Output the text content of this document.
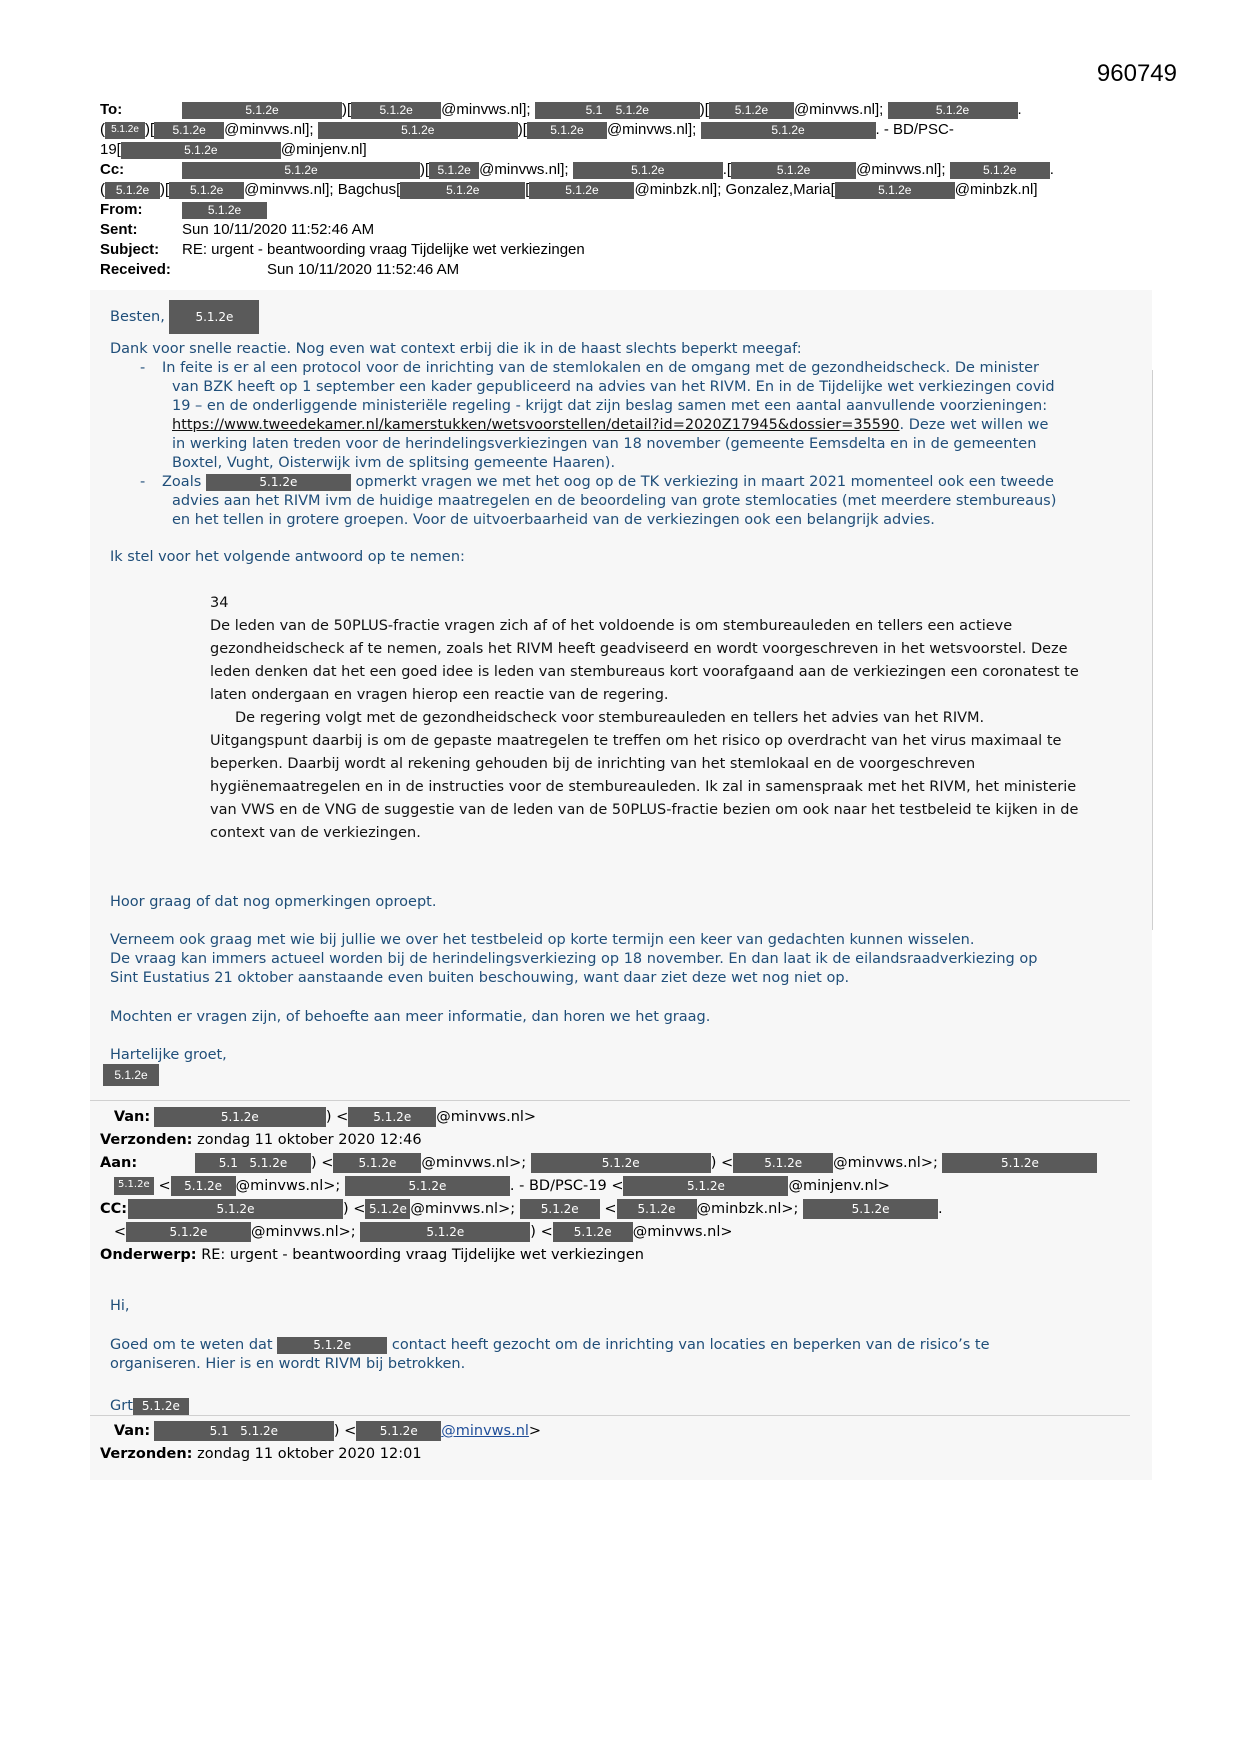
960749
To:	5.1.2e	)[ 5.1.2e @minvws.nl];	5.1 5.1.2e	)[ 5.1.2e @minvws.nl];	5.1.2e	.
( 5.1.2e )[ 5.1.2e @minvws.nl];	5.1.2e	)[ 5.1.2e @minvws.nl];	5.1.2e	. - BD/PSC-
19[	5.1.2e	@minjenv.nl]
Cc:	5.1.2e	)[ 5.1.2e @minvws.nl];	5.1.2e	.[	5.1.2e	@minvws.nl];	5.1.2e .
( 5.1.2e )[ 5.1.2e @minvws.nl]; Bagchus[	5.1.2e	[	5.1.2e @minbzk.nl]; Gonzalez,Maria[	5.1.2e	@minbzk.nl]
From:	5.1.2e
Sent:	Sun 10/11/2020 11:52:46 AM
Subject: RE: urgent - beantwoording vraag Tijdelijke wet verkiezingen
Received:	Sun 10/11/2020 11:52:46 AM
Besten,	5.1.2e
Dank voor snelle reactie. Nog even wat context erbij die ik in de haast slechts beperkt meegaf:
- In feite is er al een protocol voor de inrichting van de stemlokalen en de omgang met de gezondheidscheck. De minister
van BZK heeft op 1 september een kader gepubliceerd na advies van het RIVM. En in de Tijdelijke wet verkiezingen covid
19 – en de onderliggende ministeriële regeling - krijgt dat zijn beslag samen met een aantal aanvullende voorzieningen:
https://www.tweedekamer.nl/kamerstukken/wetsvoorstellen/detail?id=2020Z17945&dossier=35590. Deze wet willen we
in werking laten treden voor de herindelingsverkiezingen van 18 november (gemeente Eemsdelta en in de gemeenten
Boxtel, Vught, Oisterwijk ivm de splitsing gemeente Haaren).
- Zoals	5.1.2e	opmerkt vragen we met het oog op de TK verkiezing in maart 2021 momenteel ook een tweede
advies aan het RIVM ivm de huidige maatregelen en de beoordeling van grote stemlocaties (met meerdere stembureaus)
en het tellen in grotere groepen. Voor de uitvoerbaarheid van de verkiezingen ook een belangrijk advies.
Ik stel voor het volgende antwoord op te nemen:
34
De leden van de 50PLUS-fractie vragen zich af of het voldoende is om stembureauleden en tellers een actieve
gezondheidscheck af te nemen, zoals het RIVM heeft geadviseerd en wordt voorgeschreven in het wetsvoorstel. Deze
leden denken dat het een goed idee is leden van stembureaus kort voorafgaand aan de verkiezingen een coronatest te
laten ondergaan en vragen hierop een reactie van de regering.
De regering volgt met de gezondheidscheck voor stembureauleden en tellers het advies van het RIVM.
Uitgangspunt daarbij is om de gepaste maatregelen te treffen om het risico op overdracht van het virus maximaal te
beperken. Daarbij wordt al rekening gehouden bij de inrichting van het stemlokaal en de voorgeschreven
hygiënemaatregelen en in de instructies voor de stembureauleden. Ik zal in samenspraak met het RIVM, het ministerie
van VWS en de VNG de suggestie van de leden van de 50PLUS-fractie bezien om ook naar het testbeleid te kijken in de
context van de verkiezingen.
Hoor graag of dat nog opmerkingen oproept.
Verneem ook graag met wie bij jullie we over het testbeleid op korte termijn een keer van gedachten kunnen wisselen.
De vraag kan immers actueel worden bij de herindelingsverkiezing op 18 november. En dan laat ik de eilandsraadverkiezing op
Sint Eustatius 21 oktober aanstaande even buiten beschouwing, want daar ziet deze wet nog niet op.
Mochten er vragen zijn, of behoefte aan meer informatie, dan horen we het graag.
Hartelijke groet,
5.1.2e
Van:	5.1.2e	) < 5.1.2e @minvws.nl>
Verzonden: zondag 11 oktober 2020 12:46
Aan:	5.1 5.1.2e ) < 5.1.2e @minvws.nl>;	5.1.2e	) <	5.1.2e @minvws.nl>;	5.1.2e
5.1.2e < 5.1.2e @minvws.nl>;	5.1.2e	. - BD/PSC-19 <	5.1.2e	@minjenv.nl>
CC:	5.1.2e	) < 5.1.2e @minvws.nl>; 5.1.2e < 5.1.2e @minbzk.nl>;	5.1.2e	.
<	5.1.2e	@minvws.nl>;	5.1.2e	) < 5.1.2e @minvws.nl>
Onderwerp: RE: urgent - beantwoording vraag Tijdelijke wet verkiezingen
Hi,
Goed om te weten dat	5.1.2e	contact heeft gezocht om de inrichting van locaties en beperken van de risico’s te
organiseren. Hier is en wordt RIVM bij betrokken.
Grt 5.1.2e
Van:	5.1 5.1.2e	) < 5.1.2e @minvws.nl>
Verzonden: zondag 11 oktober 2020 12:01
